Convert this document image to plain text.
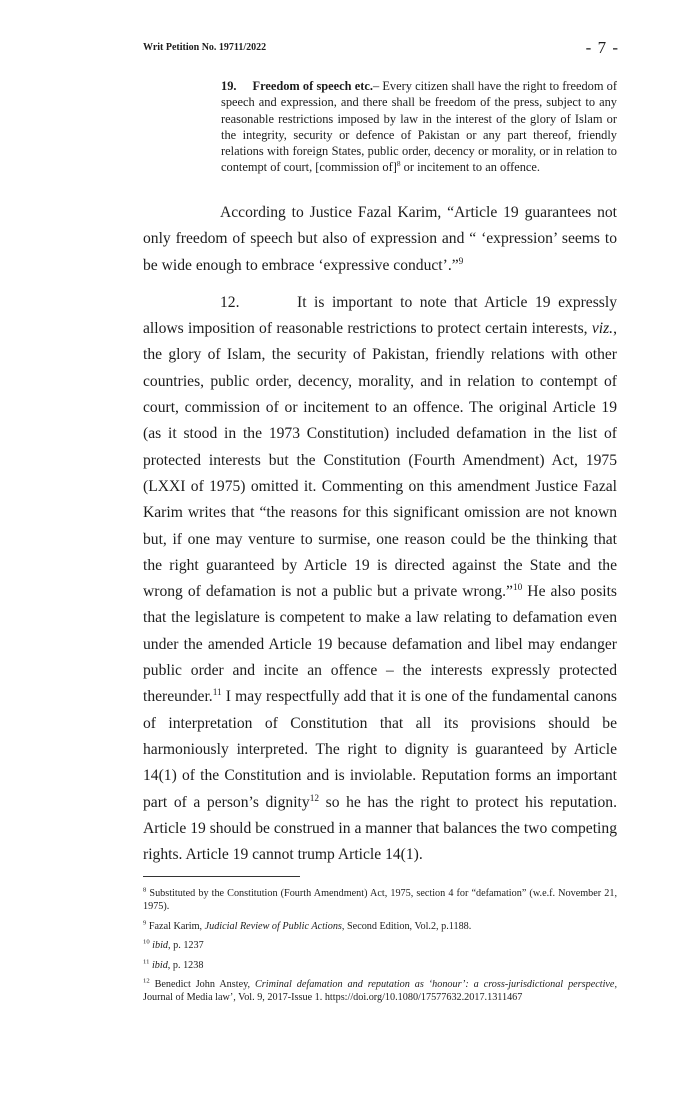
Writ Petition No. 19711/2022	- 7 -
19. Freedom of speech etc.– Every citizen shall have the right to freedom of speech and expression, and there shall be freedom of the press, subject to any reasonable restrictions imposed by law in the interest of the glory of Islam or the integrity, security or defence of Pakistan or any part thereof, friendly relations with foreign States, public order, decency or morality, or in relation to contempt of court, [commission of]$^8$ or incitement to an offence.

According to Justice Fazal Karim, “Article 19 guarantees not only freedom of speech but also of expression and “ ‘expression’ seems to be wide enough to embrace ‘expressive conduct’.”$^9$

12.	It is important to note that Article 19 expressly allows imposition of reasonable restrictions to protect certain interests, viz., the glory of Islam, the security of Pakistan, friendly relations with other countries, public order, decency, morality, and in relation to contempt of court, commission of or incitement to an offence. The original Article 19 (as it stood in the 1973 Constitution) included defamation in the list of protected interests but the Constitution (Fourth Amendment) Act, 1975 (LXXI of 1975) omitted it. Commenting on this amendment Justice Fazal Karim writes that “the reasons for this significant omission are not known but, if one may venture to surmise, one reason could be the thinking that the right guaranteed by Article 19 is directed against the State and the wrong of defamation is not a public but a private wrong.”$^{10}$ He also posits that the legislature is competent to make a law relating to defamation even under the amended Article 19 because defamation and libel may endanger public order and incite an offence – the interests expressly protected thereunder.$^{11}$ I may respectfully add that it is one of the fundamental canons of interpretation of Constitution that all its provisions should be harmoniously interpreted. The right to dignity is guaranteed by Article 14(1) of the Constitution and is inviolable. Reputation forms an important part of a person’s dignity$^{12}$ so he has the right to protect his reputation. Article 19 should be construed in a manner that balances the two competing rights. Article 19 cannot trump Article 14(1).

$^8$ Substituted by the Constitution (Fourth Amendment) Act, 1975, section 4 for “defamation” (w.e.f. November 21, 1975).

$^9$ Fazal Karim, Judicial Review of Public Actions, Second Edition, Vol.2, p.1188.

$^{10}$ ibid, p. 1237

$^{11}$ ibid, p. 1238

$^{12}$ Benedict John Anstey, Criminal defamation and reputation as ‘honour’: a cross-jurisdictional perspective, Journal of Media law’, Vol. 9, 2017-Issue 1. https://doi.org/10.1080/17577632.2017.1311467
